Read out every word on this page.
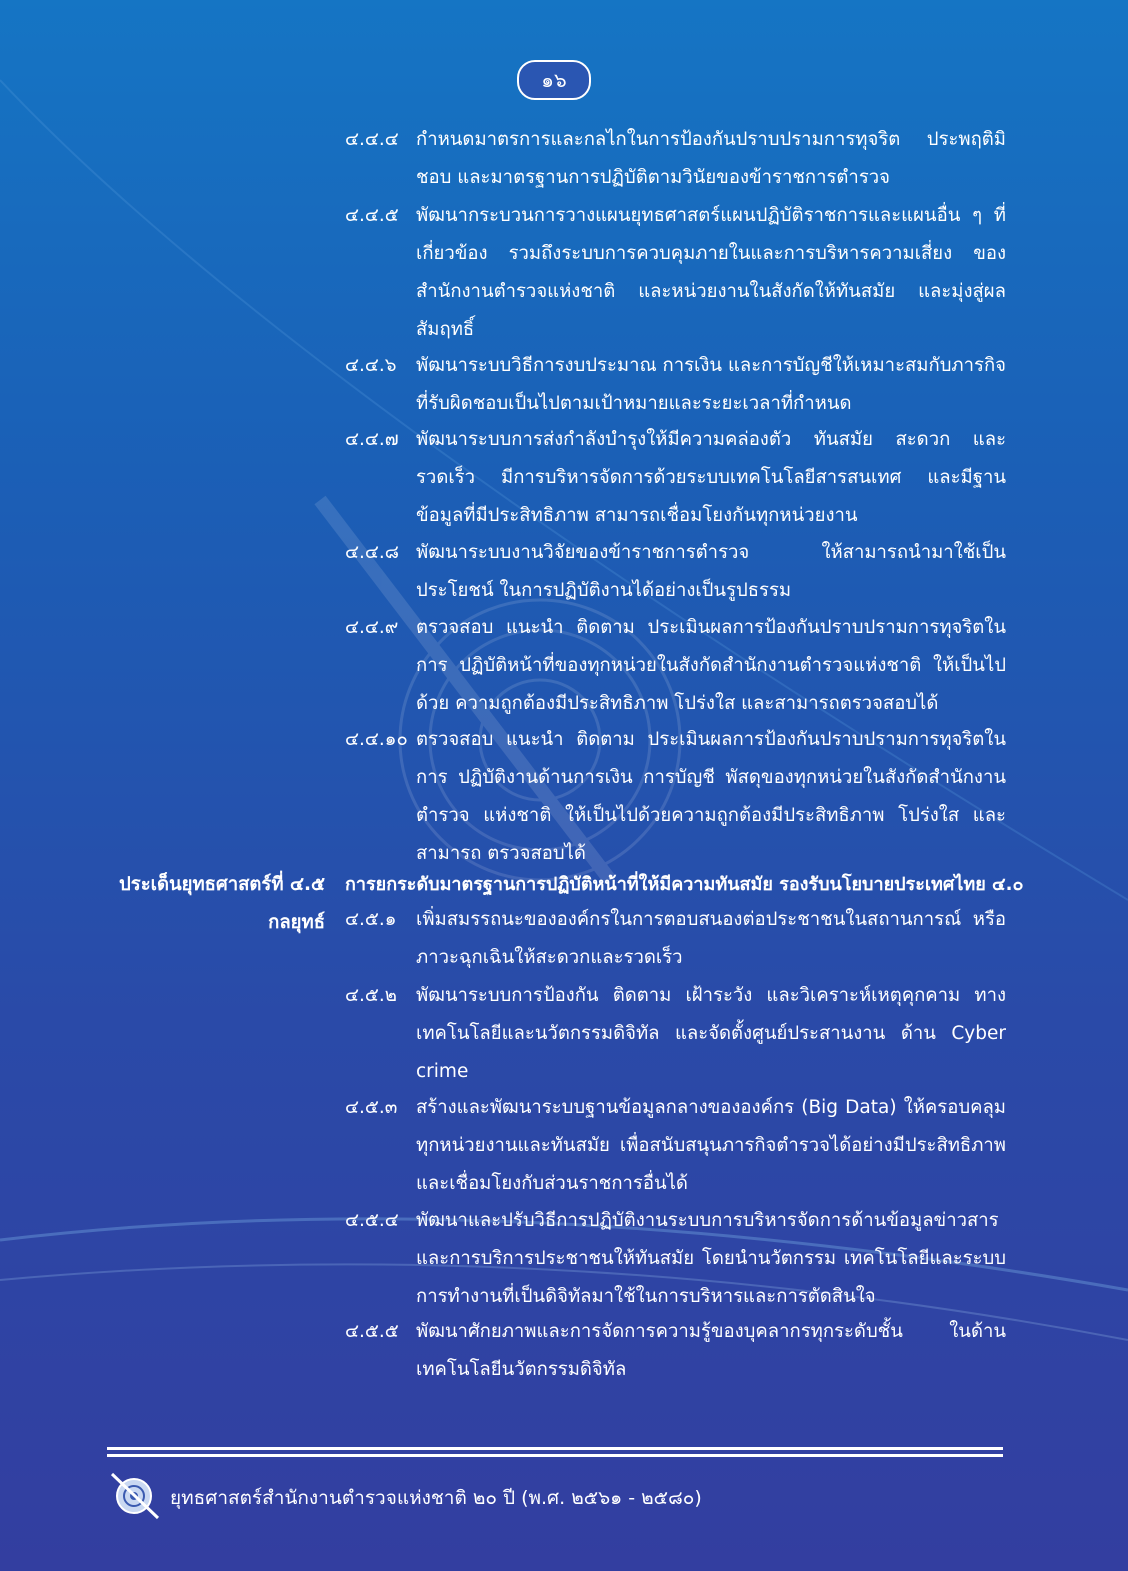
๑๖
๔.๔.๔ กำหนดมาตรการและกลไกในการป้องกันปราบปรามการทุจริต ประพฤติมิชอบ และมาตรฐานการปฏิบัติตามวินัยของข้าราชการตำรวจ
๔.๔.๕ พัฒนากระบวนการวางแผนยุทธศาสตร์แผนปฏิบัติราชการและแผนอื่น ๆ ที่เกี่ยวข้อง รวมถึงระบบการควบคุมภายในและการบริหารความเสี่ยง ของสำนักงานตำรวจแห่งชาติ และหน่วยงานในสังกัดให้ทันสมัย และมุ่งสู่ผลสัมฤทธิ์
๔.๔.๖	พัฒนาระบบวิธีการงบประมาณ การเงิน และการบัญชีให้เหมาะสมกับภารกิจ ที่รับผิดชอบเป็นไปตามเป้าหมายและระยะเวลาที่กำหนด
๔.๔.๗ พัฒนาระบบการส่งกำลังบำรุงให้มีความคล่องตัว ทันสมัย สะดวก และรวดเร็ว มีการบริหารจัดการด้วยระบบเทคโนโลยีสารสนเทศ และมีฐานข้อมูลที่มีประสิทธิภาพ สามารถเชื่อมโยงกันทุกหน่วยงาน
๔.๔.๘ พัฒนาระบบงานวิจัยของข้าราชการตำรวจ ให้สามารถนำมาใช้เป็นประโยชน์ ในการปฏิบัติงานได้อย่างเป็นรูปธรรม
๔.๔.๙ ตรวจสอบ แนะนำ ติดตาม ประเมินผลการป้องกันปราบปรามการทุจริตในการ ปฏิบัติหน้าที่ของทุกหน่วยในสังกัดสำนักงานตำรวจแห่งชาติ ให้เป็นไปด้วย ความถูกต้องมีประสิทธิภาพ โปร่งใส และสามารถตรวจสอบได้
๔.๔.๑๐ ตรวจสอบ แนะนำ ติดตาม ประเมินผลการป้องกันปราบปรามการทุจริตในการ ปฏิบัติงานด้านการเงิน การบัญชี พัสดุของทุกหน่วยในสังกัดสำนักงานตำรวจ แห่งชาติ ให้เป็นไปด้วยความถูกต้องมีประสิทธิภาพ โปร่งใส และสามารถ ตรวจสอบได้
ประเด็นยุทธศาสตร์ที่ ๔.๕
กลยุทธ์
การยกระดับมาตรฐานการปฏิบัติหน้าที่ให้มีความทันสมัย รองรับนโยบายประเทศไทย ๔.๐
๔.๕.๑	เพิ่มสมรรถนะขององค์กรในการตอบสนองต่อประชาชนในสถานการณ์ หรือภาวะฉุกเฉินให้สะดวกและรวดเร็ว
๔.๕.๒	พัฒนาระบบการป้องกัน ติดตาม เฝ้าระวัง และวิเคราะห์เหตุคุกคาม ทางเทคโนโลยีและนวัตกรรมดิจิทัล และจัดตั้งศูนย์ประสานงาน ด้าน Cyber crime
๔.๕.๓	สร้างและพัฒนาระบบฐานข้อมูลกลางขององค์กร (Big Data) ให้ครอบคลุม ทุกหน่วยงานและทันสมัย เพื่อสนับสนุนภารกิจตำรวจได้อย่างมีประสิทธิภาพ และเชื่อมโยงกับส่วนราชการอื่นได้
๔.๕.๔ พัฒนาและปรับวิธีการปฏิบัติงานระบบการบริหารจัดการด้านข้อมูลข่าวสาร และการบริการประชาชนให้ทันสมัย โดยนำนวัตกรรม เทคโนโลยีและระบบ การทำงานที่เป็นดิจิทัลมาใช้ในการบริหารและการตัดสินใจ
๔.๕.๕ พัฒนาศักยภาพและการจัดการความรู้ของบุคลากรทุกระดับชั้น ในด้านเทคโนโลยีนวัตกรรมดิจิทัล
ยุทธศาสตร์สำนักงานตำรวจแห่งชาติ ๒๐ ปี (พ.ศ. ๒๕๖๑ - ๒๕๘๐)
